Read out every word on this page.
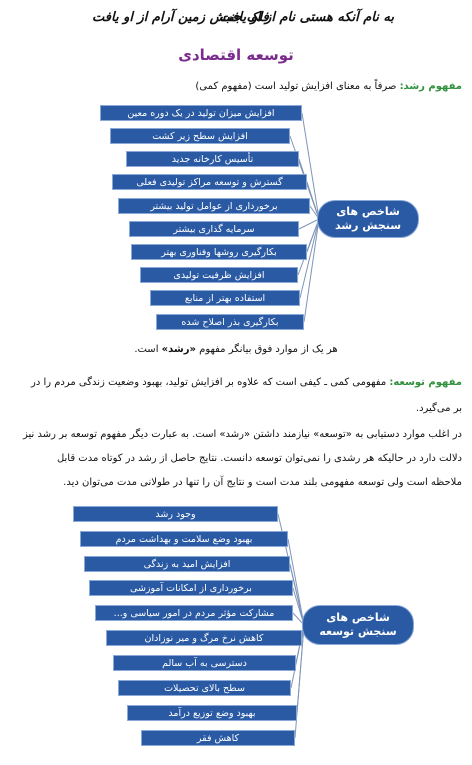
به نام آنکه هستی نام از او یافت
فلک جنبش زمین آرام از او یافت
توسعه اقتصادی
مفهوم رشد: صرفاً به معنای افزایش تولید است (مفهوم کمی)
افزایش میزان تولید در یک دوره معین
افزایش سطح زیر کشت
تأسیس کارخانه جدید
گسترش و توسعه مراکز تولیدی فعلی
برخورداری از عوامل تولید بیشتر
سرمایه گذاری بیشتر
بکارگیری روشها وفناوری بهتر
افزایش ظرفیت تولیدی
استفاده بهتر از منابع
بکارگیری بذر اصلاح شده
شاخص های سنجش رشد
هر یک از موارد فوق بیانگر مفهوم «رشد» است.
مفهوم توسعه: مفهومی کمی ـ کیفی است که علاوه بر افزایش تولید، بهبود وضعیت زندگی مردم را در
بر می‌گیرد.
در اغلب موارد دستیابی به «توسعه» نیازمند داشتن «رشد» است. به عبارت دیگر مفهوم توسعه بر رشد نیز
دلالت دارد در حالیکه هر رشدی را نمی‌توان توسعه دانست. نتایج حاصل از رشد در کوتاه مدت قابل
ملاحظه است ولی توسعه مفهومی بلند مدت است و نتایج آن را تنها در طولانی مدت می‌توان دید.
وجود رشد
بهبود وضع سلامت و بهداشت مردم
افزایش امید به زندگی
برخورداری از امکانات آموزشی
مشارکت مؤثر مردم در امور سیاسی و...
کاهش نرخ مرگ و میر نوزادان
دسترسی به آب سالم
سطح بالای تحصیلات
بهبود وضع توزیع درآمد
کاهش فقر
شاخص های سنجش توسعه
